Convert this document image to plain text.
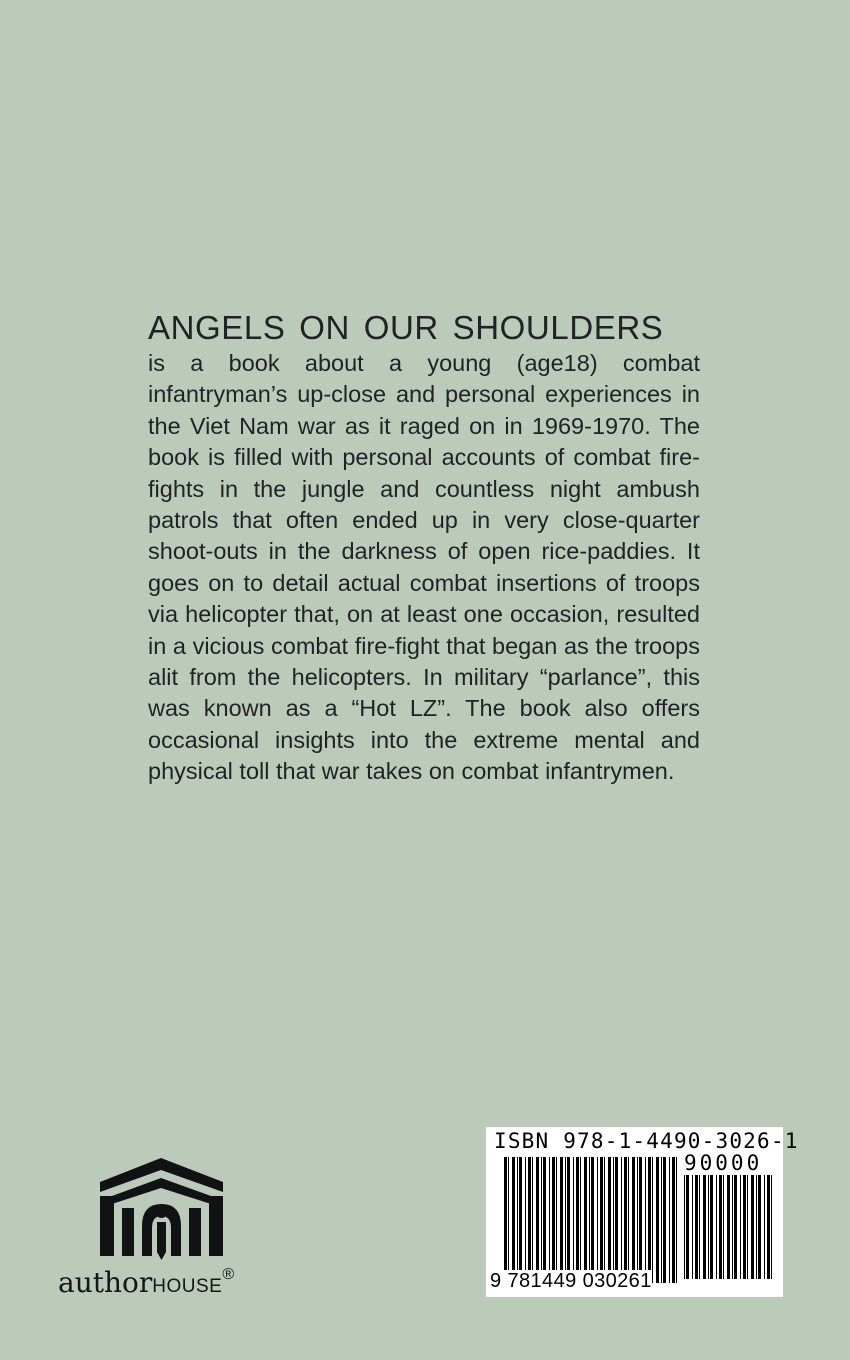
ANGELS ON OUR SHOULDERS

is a book about a young (age18) combat infantryman’s up-close and personal experiences in the Viet Nam war as it raged on in 1969-1970. The book is filled with personal accounts of combat fire-fights in the jungle and countless night ambush patrols that often ended up in very close-quarter shoot-outs in the darkness of open rice-paddies. It goes on to detail actual combat insertions of troops via helicopter that, on at least one occasion, resulted in a vicious combat fire-fight that began as the troops alit from the helicopters. In military “parlance”, this was known as a “Hot LZ”. The book also offers occasional insights into the extreme mental and physical toll that war takes on combat infantrymen.

authorHOUSE®
ISBN 978-1-4490-3026-1
90000
9 781449 030261
